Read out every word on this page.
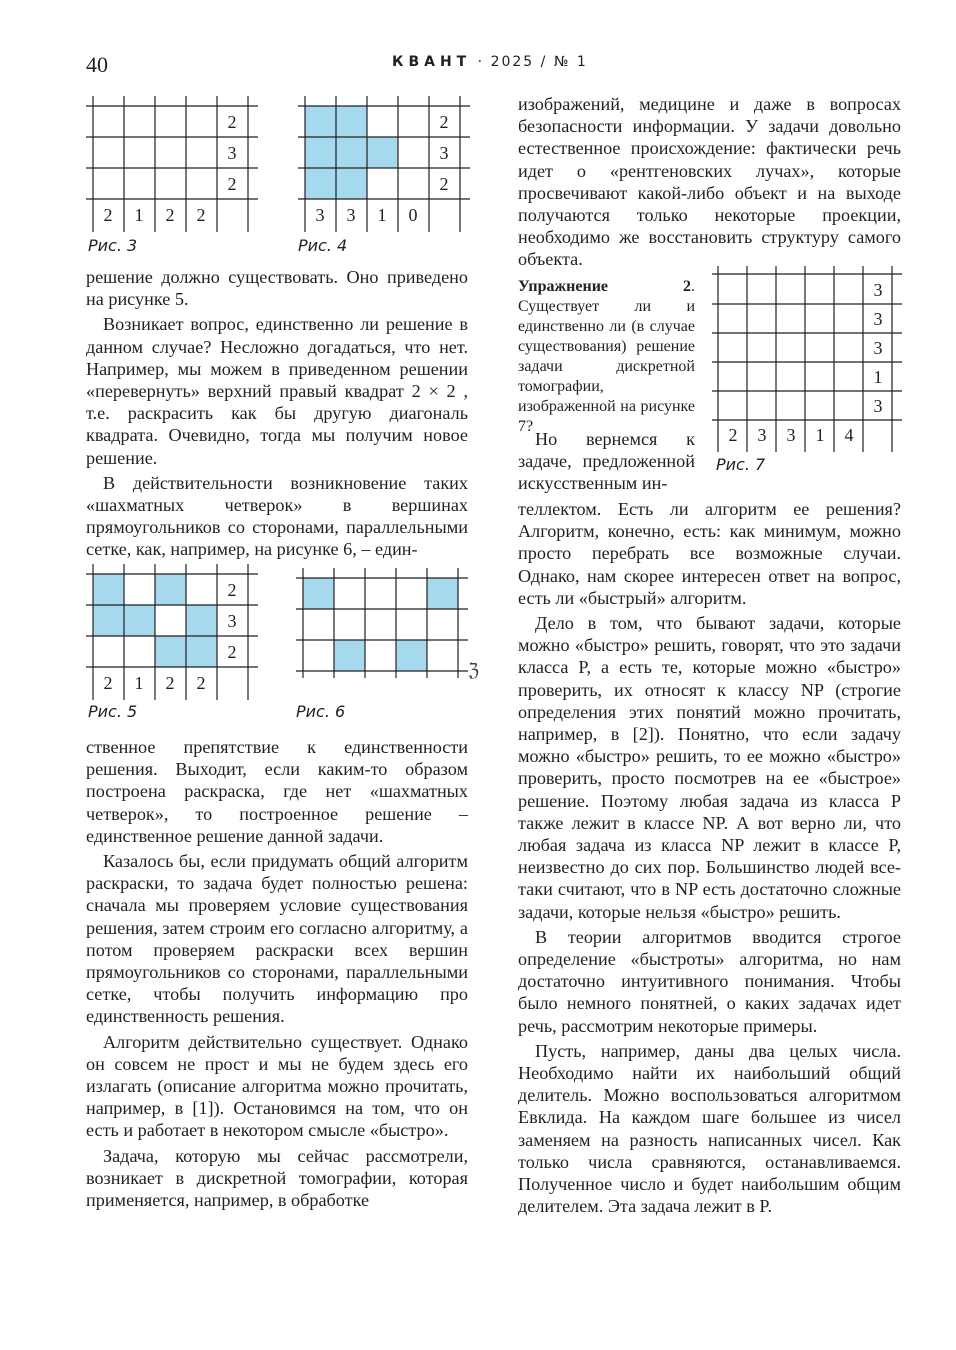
40	КВАНТ · 2025 / № 1
2
3
2
2 1 2 2
Рис. 3
2
3
2
3 3 1 0
Рис. 4

решение должно существовать. Оно приведено на рисунке 5.

Возникает вопрос, единственно ли решение в данном случае? Несложно догадаться, что нет. Например, мы можем в приведенном решении «перевернуть» верхний правый квадрат 2 × 2 , т.е. раскрасить как бы другую диагональ квадрата. Очевидно, тогда мы получим новое решение.

В действительности возникновение таких «шахматных четверок» в вершинах прямоугольников со сторонами, параллельными сетке, как, например, на рисунке 6, – един-

2
3
2
2 1 2 2
Рис. 5
ℨ
Рис. 6

ственное препятствие к единственности решения. Выходит, если каким-то образом построена раскраска, где нет «шахматных четверок», то построенное решение – единственное решение данной задачи.

Казалось бы, если придумать общий алгоритм раскраски, то задача будет полностью решена: сначала мы проверяем условие существования решения, затем строим его согласно алгоритму, а потом проверяем раскраски всех вершин прямоугольников со сторонами, параллельными сетке, чтобы получить информацию про единственность решения.

Алгоритм действительно существует. Однако он совсем не прост и мы не будем здесь его излагать (описание алгоритма можно прочитать, например, в [1]). Остановимся на том, что он есть и работает в некотором смысле «быстро».

Задача, которую мы сейчас рассмотрели, возникает в дискретной томографии, которая применяется, например, в обработке

изображений, медицине и даже в вопросах безопасности информации. У задачи довольно естественное происхождение: фактически речь идет о «рентгеновских лучах», которые просвечивают какой-либо объект и на выходе получаются только некоторые проекции, необходимо же восстановить структуру самого объекта.

Упражнение 2. Существует ли и единственно ли (в случае существования) решение задачи дискретной томографии, изображенной на рисунке 7?

3
3
3
1
3
2 3 3 1 4
Рис. 7

Но вернемся к задаче, предложенной искусственным ин-

теллектом. Есть ли алгоритм ее решения? Алгоритм, конечно, есть: как минимум, можно просто перебрать все возможные случаи. Однако, нам скорее интересен ответ на вопрос, есть ли «быстрый» алгоритм.

Дело в том, что бывают задачи, которые можно «быстро» решить, говорят, что это задачи класса P, а есть те, которые можно «быстро» проверить, их относят к классу NP (строгие определения этих понятий можно прочитать, например, в [2]). Понятно, что если задачу можно «быстро» решить, то ее можно «быстро» проверить, просто посмотрев на ее «быстрое» решение. Поэтому любая задача из класса P также лежит в классе NP. А вот верно ли, что любая задача из класса NP лежит в классе P, неизвестно до сих пор. Большинство людей все-таки считают, что в NP есть достаточно сложные задачи, которые нельзя «быстро» решить.

В теории алгоритмов вводится строгое определение «быстроты» алгоритма, но нам достаточно интуитивного понимания. Чтобы было немного понятней, о каких задачах идет речь, рассмотрим некоторые примеры.

Пусть, например, даны два целых числа. Необходимо найти их наибольший общий делитель. Можно воспользоваться алгоритмом Евклида. На каждом шаге большее из чисел заменяем на разность написанных чисел. Как только числа сравняются, останавливаемся. Полученное число и будет наибольшим общим делителем. Эта задача лежит в P.
